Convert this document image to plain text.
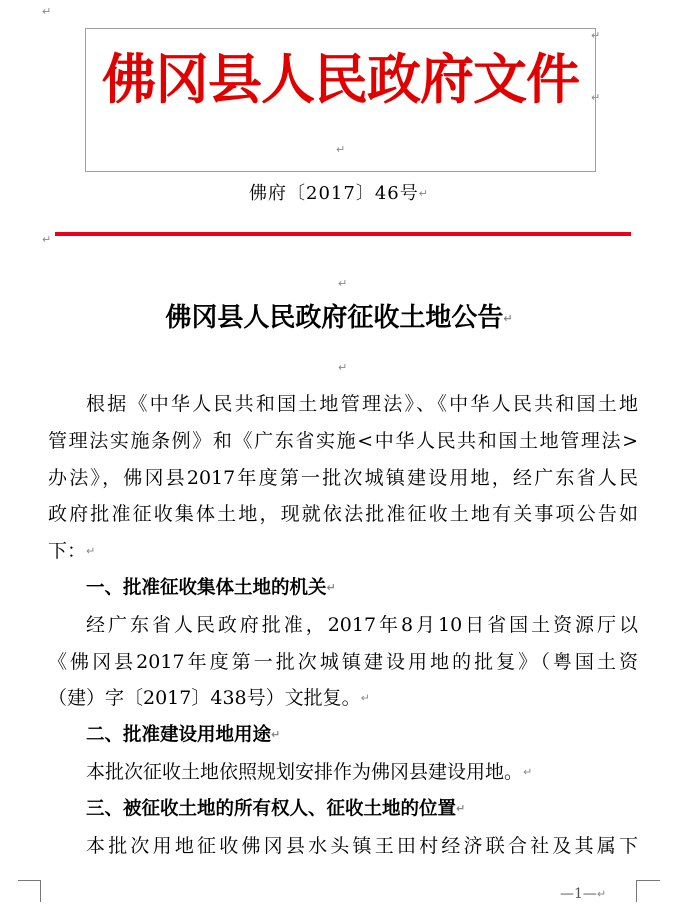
↵
↵
↵
↵
↵
↵
↵
佛冈县人民政府文件
佛府〔2017〕46号↵
佛冈县人民政府征收土地公告↵
根据《中华人民共和国土地管理法》、《中华人民共和国土地
管理法实施条例》和《广东省实施<中华人民共和国土地管理法>
办法》，佛冈县2017年度第一批次城镇建设用地，经广东省人民
政府批准征收集体土地，现就依法批准征收土地有关事项公告如
下：↵
一、批准征收集体土地的机关↵
经广东省人民政府批准，2017年8月10日省国土资源厅以
《佛冈县2017年度第一批次城镇建设用地的批复》（粤国土资
（建）字〔2017〕438号）文批复。↵
二、批准建设用地用途↵
本批次征收土地依照规划安排作为佛冈县建设用地。↵
三、被征收土地的所有权人、征收土地的位置↵
本批次用地征收佛冈县水头镇王田村经济联合社及其属下
—1—↵
